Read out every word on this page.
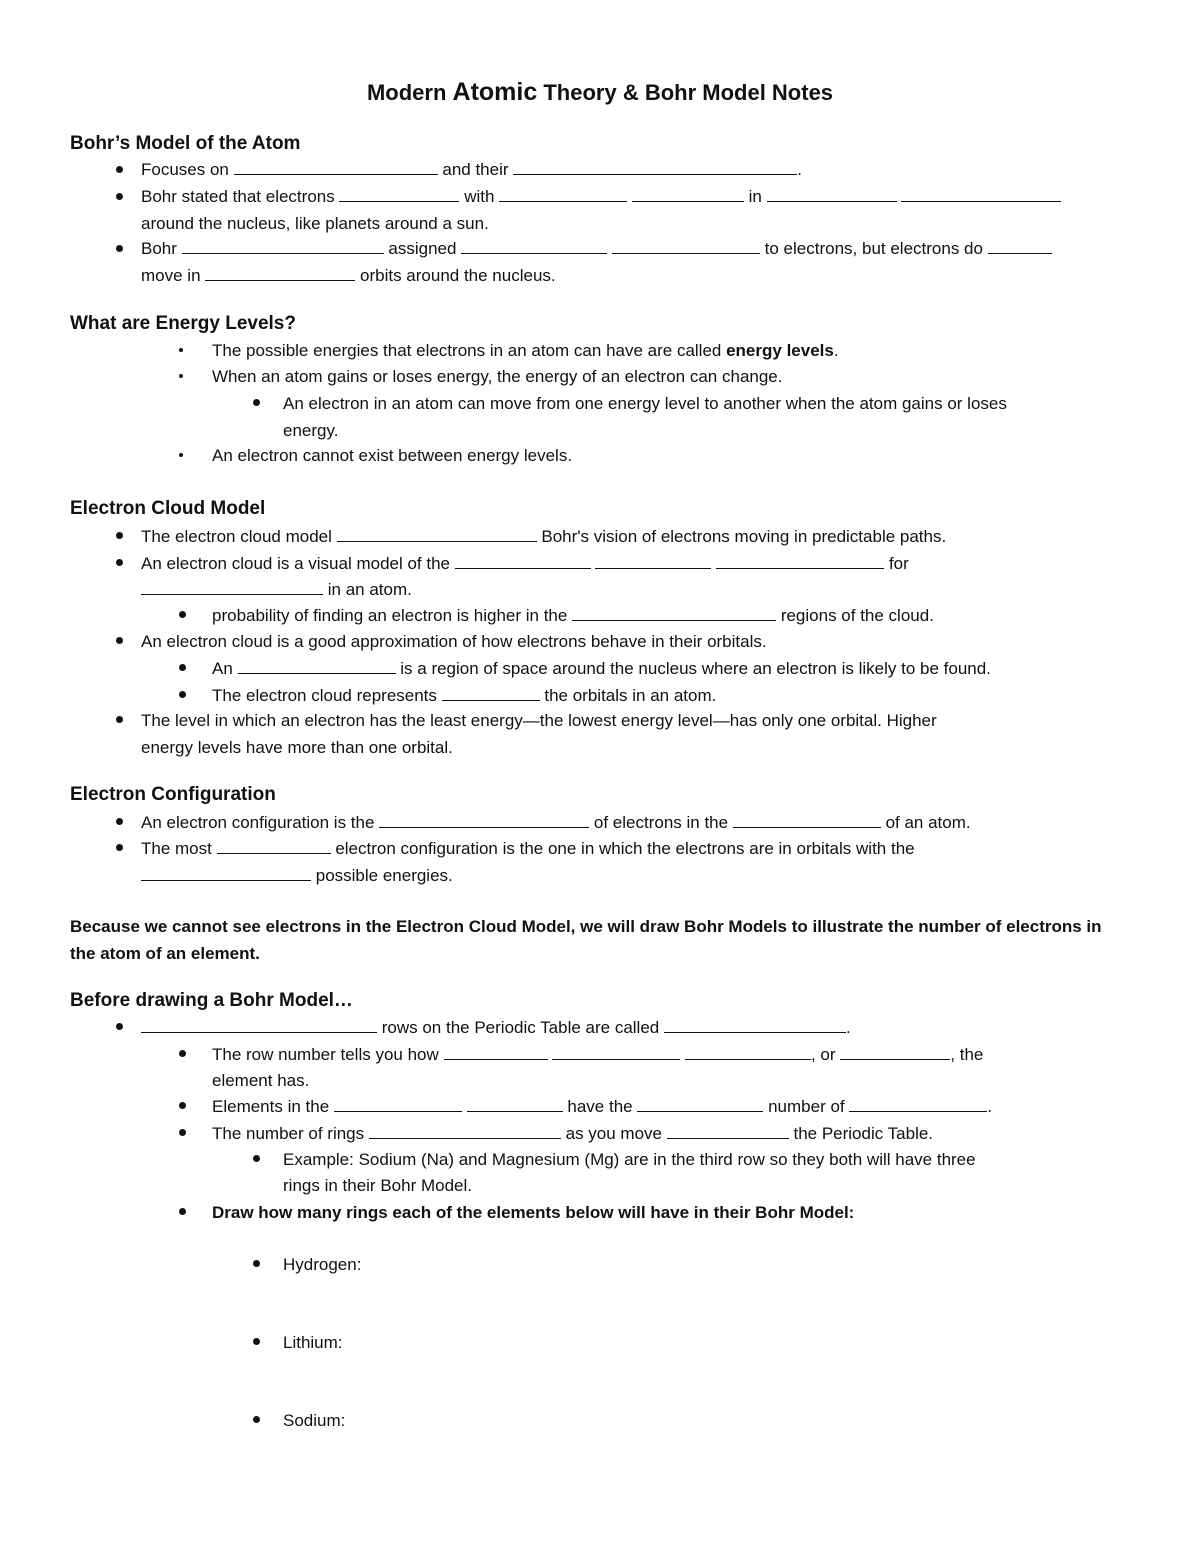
Modern Atomic Theory & Bohr Model Notes
Bohr’s Model of the Atom
Focuses on	and their	.
Bohr stated that electrons	with	in
around the nucleus, like planets around a sun.
Bohr	assigned	to electrons, but electrons do
move in	orbits around the nucleus.
What are Energy Levels?
The possible energies that electrons in an atom can have are called energy levels.
When an atom gains or loses energy, the energy of an electron can change.
An electron in an atom can move from one energy level to another when the atom gains or loses
energy.
An electron cannot exist between energy levels.
Electron Cloud Model
The electron cloud model	Bohr's vision of electrons moving in predictable paths.
An electron cloud is a visual model of the	for
in an atom.
probability of finding an electron is higher in the	regions of the cloud.
An electron cloud is a good approximation of how electrons behave in their orbitals.
An	is a region of space around the nucleus where an electron is likely to be found.
The electron cloud represents	the orbitals in an atom.
The level in which an electron has the least energy—the lowest energy level—has only one orbital. Higher
energy levels have more than one orbital.
Electron Configuration
An electron configuration is the	of electrons in the	of an atom.
The most	electron configuration is the one in which the electrons are in orbitals with the
possible energies.

Because we cannot see electrons in the Electron Cloud Model, we will draw Bohr Models to illustrate the number of electrons in the atom of an element.

Before drawing a Bohr Model…
rows on the Periodic Table are called	.
The row number tells you how	, or	, the
element has.
Elements in the	have the	number of	.
The number of rings	as you move	the Periodic Table.
Example: Sodium (Na) and Magnesium (Mg) are in the third row so they both will have three
rings in their Bohr Model.
Draw how many rings each of the elements below will have in their Bohr Model:
Hydrogen:
Lithium:
Sodium:
